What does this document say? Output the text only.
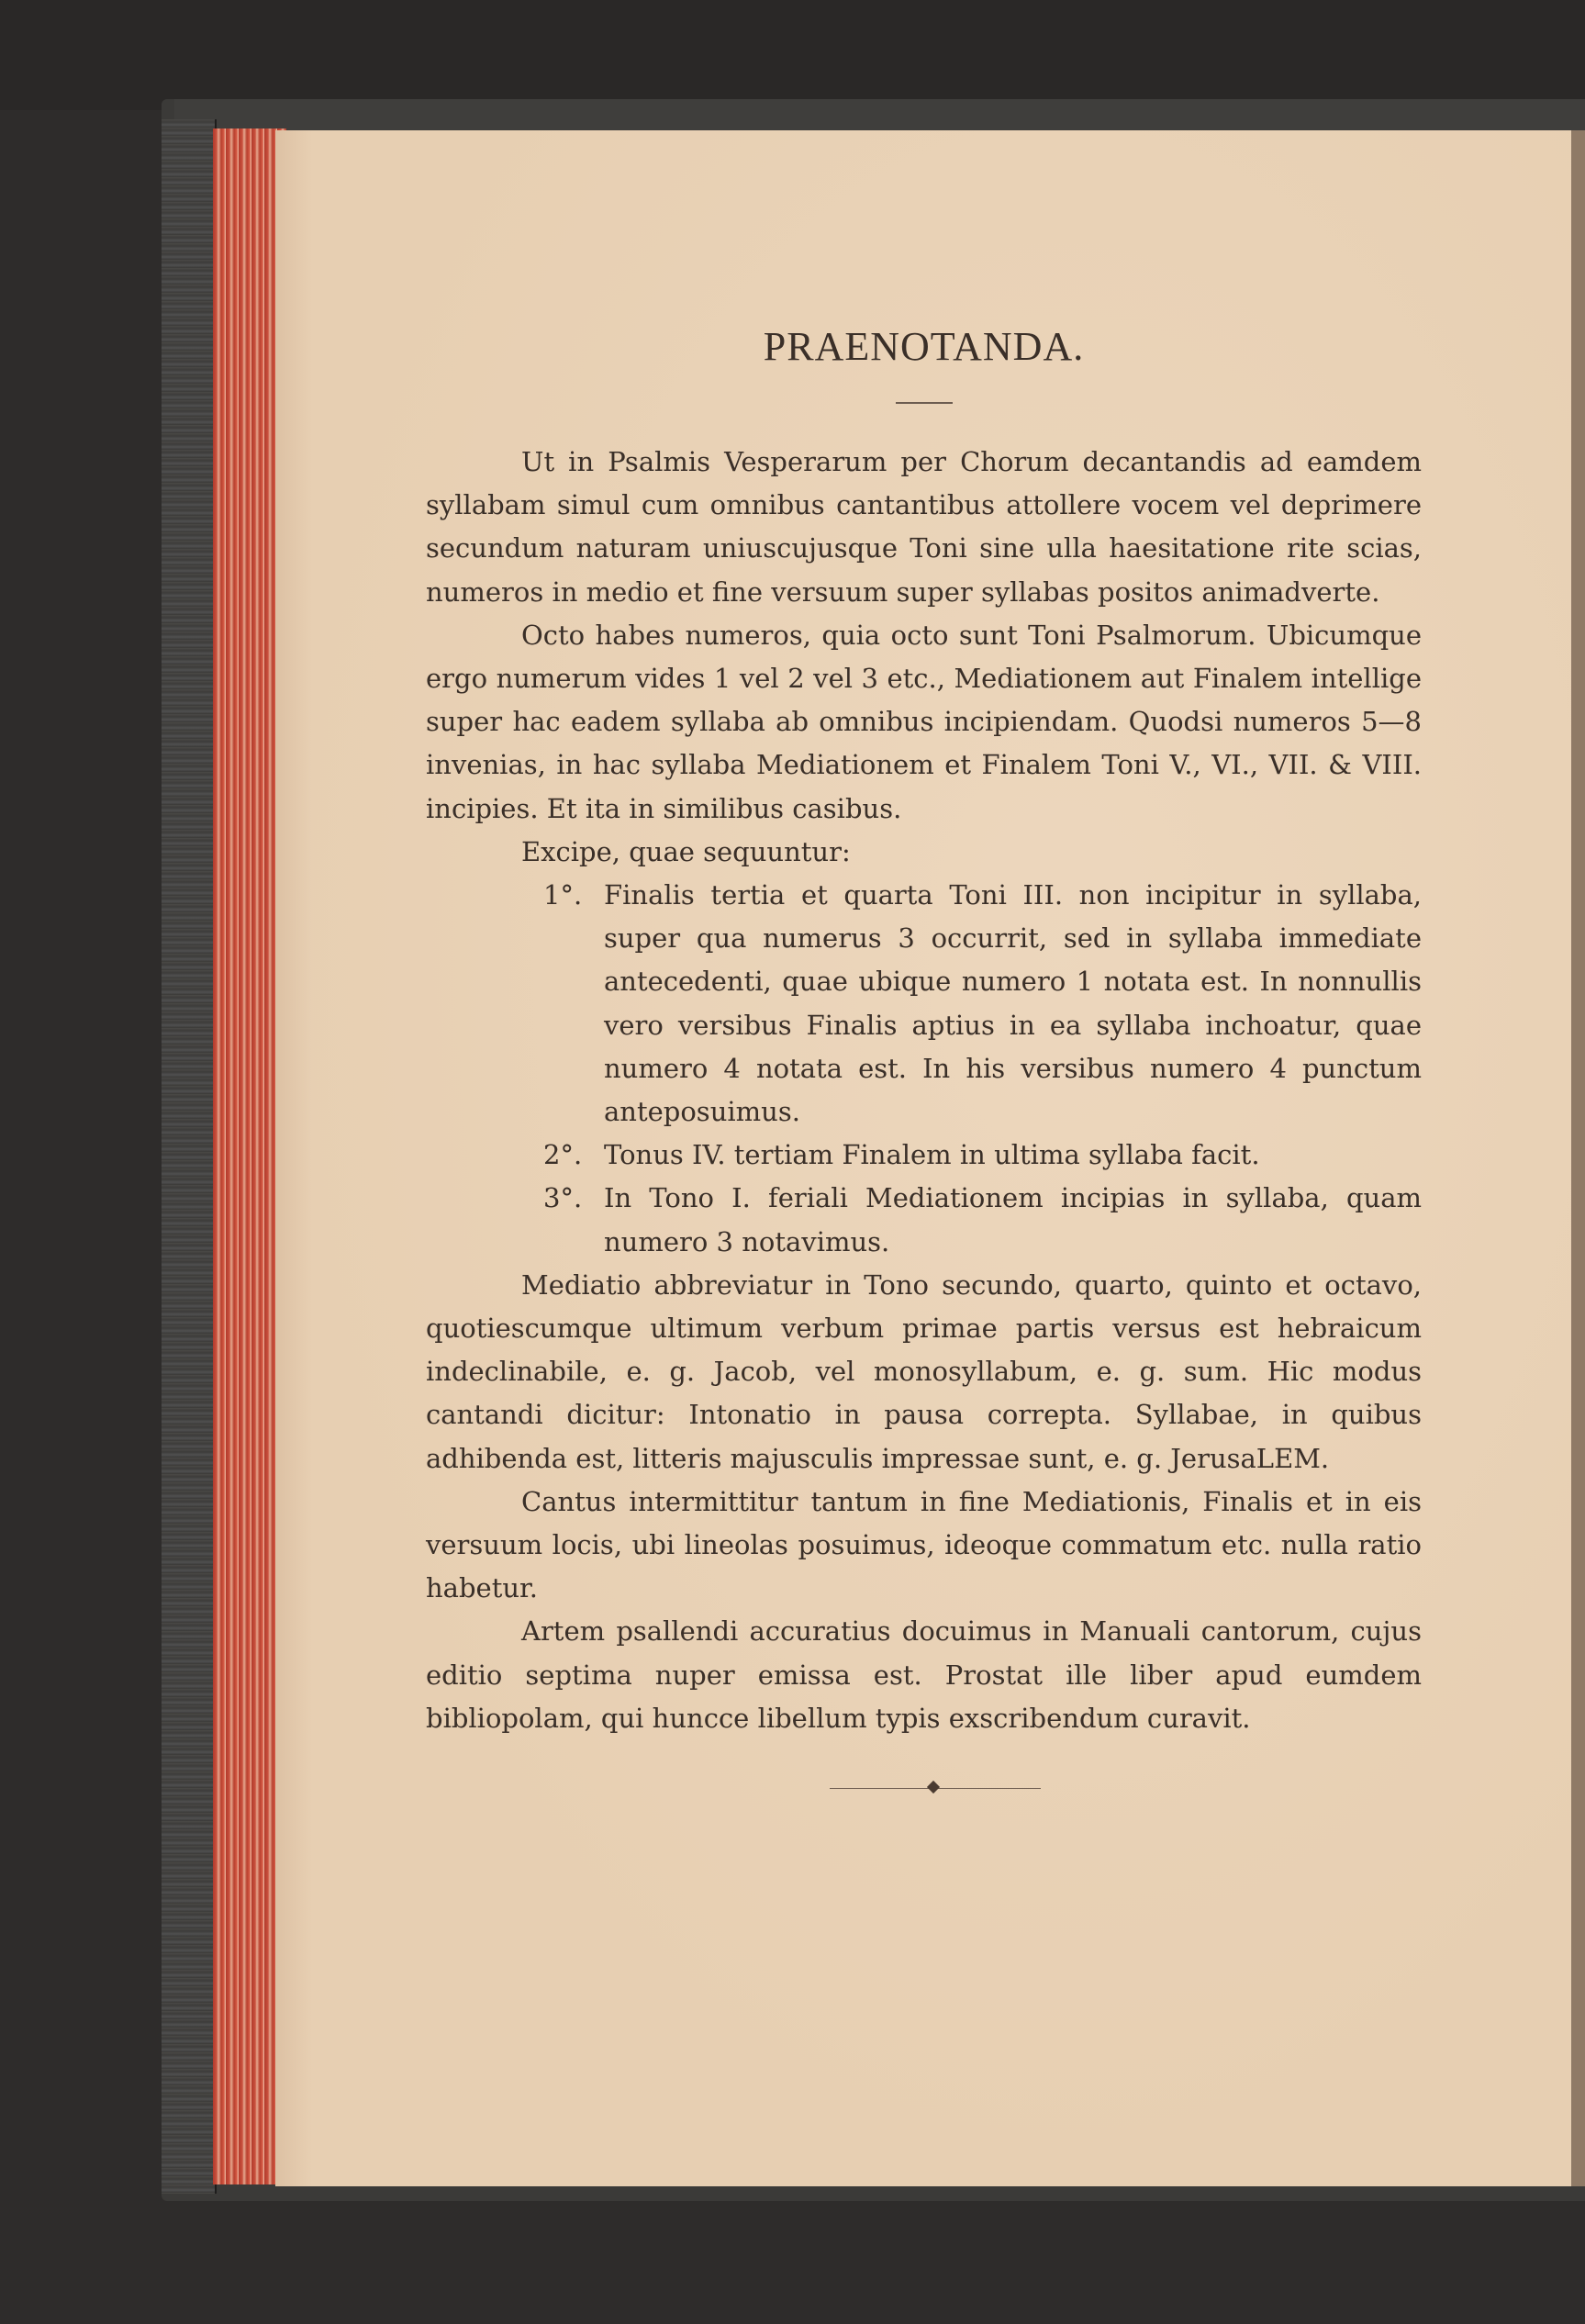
PRAENOTANDA.

Ut in Psalmis Vesperarum per Chorum decantandis ad eamdem syllabam simul cum omnibus cantantibus attollere vocem vel deprimere secundum naturam uniuscujusque Toni sine ulla haesitatione rite scias, numeros in medio et fine versuum super syllabas positos animadverte.

Octo habes numeros, quia octo sunt Toni Psalmorum. Ubicumque ergo numerum vides 1 vel 2 vel 3 etc., Mediationem aut Finalem intellige super hac eadem syllaba ab omnibus incipiendam. Quodsi numeros 5—8 invenias, in hac syllaba Mediationem et Finalem Toni V., VI., VII. & VIII. incipies. Et ita in similibus casibus.

Excipe, quae sequuntur:

1°. Finalis tertia et quarta Toni III. non incipitur in syllaba, super qua numerus 3 occurrit, sed in syllaba immediate antecedenti, quae ubique numero 1 notata est. In nonnullis vero versibus Finalis aptius in ea syllaba inchoatur, quae numero 4 notata est. In his versibus numero 4 punctum anteposuimus.
2°. Tonus IV. tertiam Finalem in ultima syllaba facit.
3°. In Tono I. feriali Mediationem incipias in syllaba, quam numero 3 notavimus.

Mediatio abbreviatur in Tono secundo, quarto, quinto et octavo, quotiescumque ultimum verbum primae partis versus est hebraicum indeclinabile, e. g. Jacob, vel monosyllabum, e. g. sum. Hic modus cantandi dicitur: Intonatio in pausa correpta. Syllabae, in quibus adhibenda est, litteris majusculis impressae sunt, e. g. JerusaLEM.

Cantus intermittitur tantum in fine Mediationis, Finalis et in eis versuum locis, ubi lineolas posuimus, ideoque commatum etc. nulla ratio habetur.

Artem psallendi accuratius docuimus in Manuali cantorum, cujus editio septima nuper emissa est. Prostat ille liber apud eumdem bibliopolam, qui huncce libellum typis exscribendum curavit.
